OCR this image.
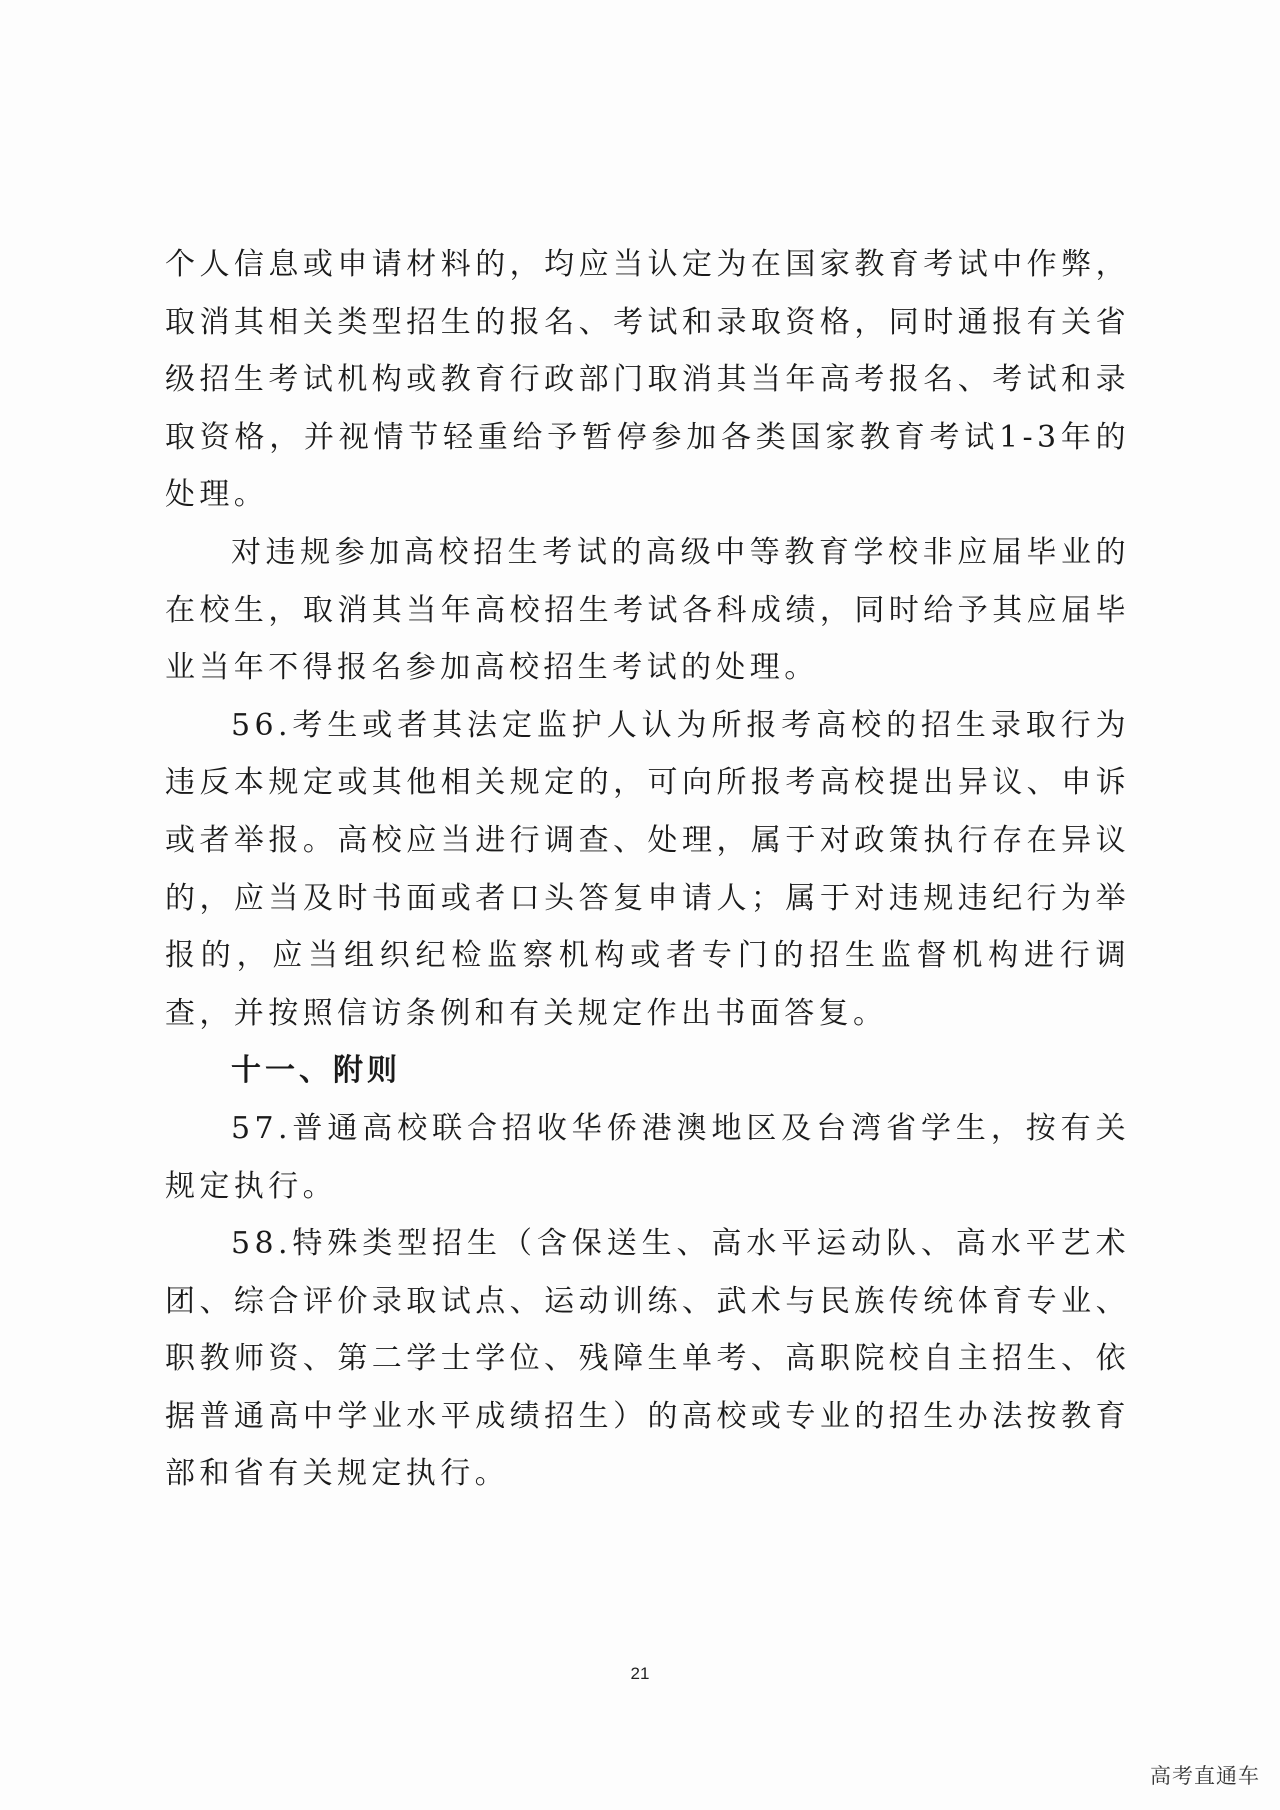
个人信息或申请材料的，均应当认定为在国家教育考试中作弊，取消其相关类型招生的报名、考试和录取资格，同时通报有关省级招生考试机构或教育行政部门取消其当年高考报名、考试和录取资格，并视情节轻重给予暂停参加各类国家教育考试1-3年的处理。

对违规参加高校招生考试的高级中等教育学校非应届毕业的在校生，取消其当年高校招生考试各科成绩，同时给予其应届毕业当年不得报名参加高校招生考试的处理。

56.考生或者其法定监护人认为所报考高校的招生录取行为违反本规定或其他相关规定的，可向所报考高校提出异议、申诉或者举报。高校应当进行调查、处理，属于对政策执行存在异议的，应当及时书面或者口头答复申请人；属于对违规违纪行为举报的，应当组织纪检监察机构或者专门的招生监督机构进行调查，并按照信访条例和有关规定作出书面答复。

十一、附则

57.普通高校联合招收华侨港澳地区及台湾省学生，按有关规定执行。

58.特殊类型招生（含保送生、高水平运动队、高水平艺术团、综合评价录取试点、运动训练、武术与民族传统体育专业、职教师资、第二学士学位、残障生单考、高职院校自主招生、依据普通高中学业水平成绩招生）的高校或专业的招生办法按教育部和省有关规定执行。

21
高考直通车
